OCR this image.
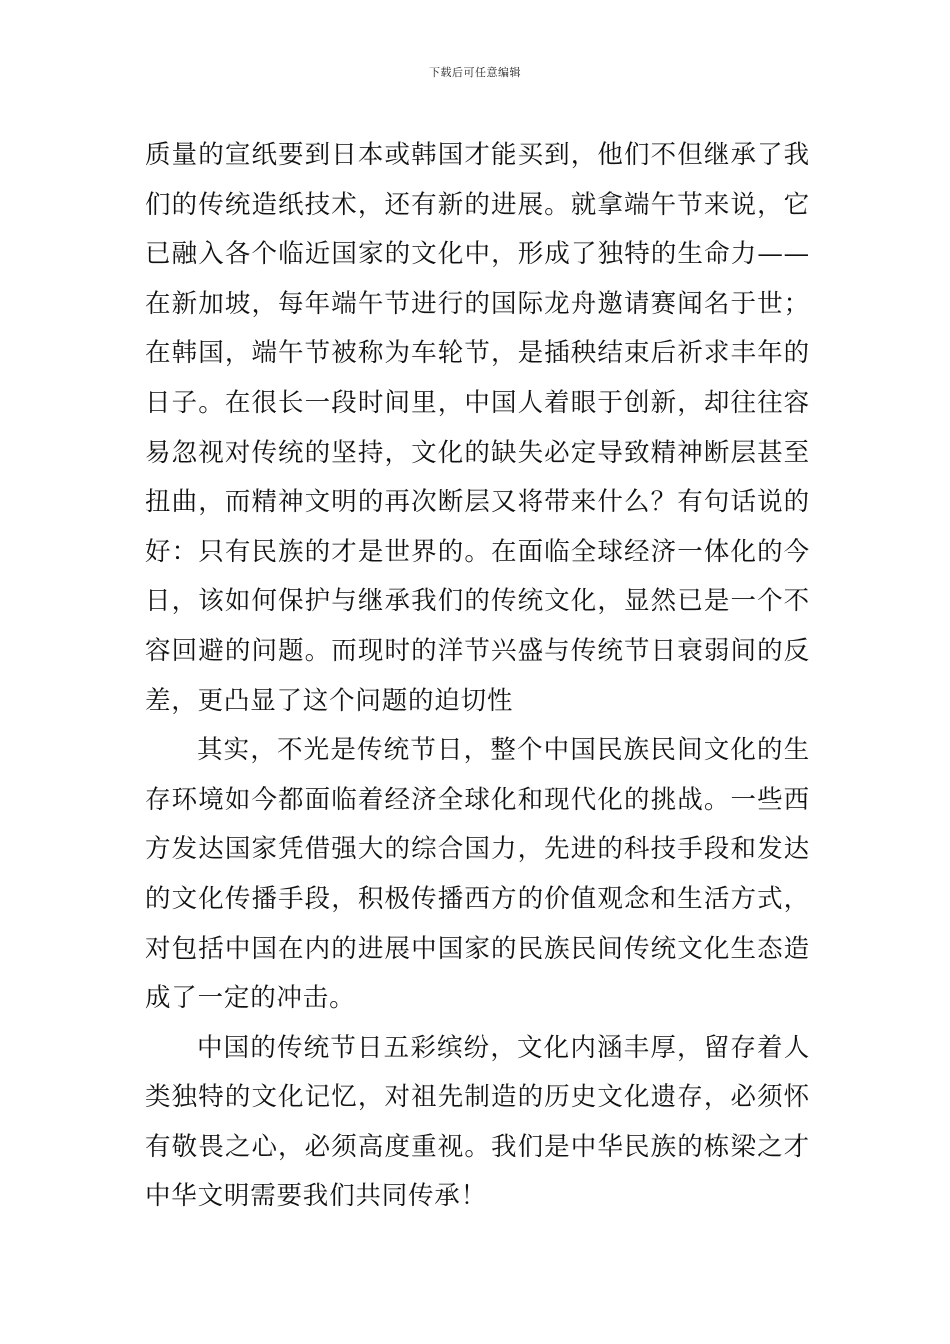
下载后可任意编辑
质量的宣纸要到日本或韩国才能买到，他们不但继承了我
们的传统造纸技术，还有新的进展。就拿端午节来说，它
已融入各个临近国家的文化中，形成了独特的生命力——
在新加坡，每年端午节进行的国际龙舟邀请赛闻名于世；
在韩国，端午节被称为车轮节，是插秧结束后祈求丰年的
日子。在很长一段时间里，中国人着眼于创新，却往往容
易忽视对传统的坚持，文化的缺失必定导致精神断层甚至
扭曲，而精神文明的再次断层又将带来什么？有句话说的
好：只有民族的才是世界的。在面临全球经济一体化的今
日，该如何保护与继承我们的传统文化，显然已是一个不
容回避的问题。而现时的洋节兴盛与传统节日衰弱间的反
差，更凸显了这个问题的迫切性
其实，不光是传统节日，整个中国民族民间文化的生
存环境如今都面临着经济全球化和现代化的挑战。一些西
方发达国家凭借强大的综合国力，先进的科技手段和发达
的文化传播手段，积极传播西方的价值观念和生活方式，
对包括中国在内的进展中国家的民族民间传统文化生态造
成了一定的冲击。
中国的传统节日五彩缤纷，文化内涵丰厚，留存着人
类独特的文化记忆，对祖先制造的历史文化遗存，必须怀
有敬畏之心，必须高度重视。我们是中华民族的栋梁之才
中华文明需要我们共同传承！
